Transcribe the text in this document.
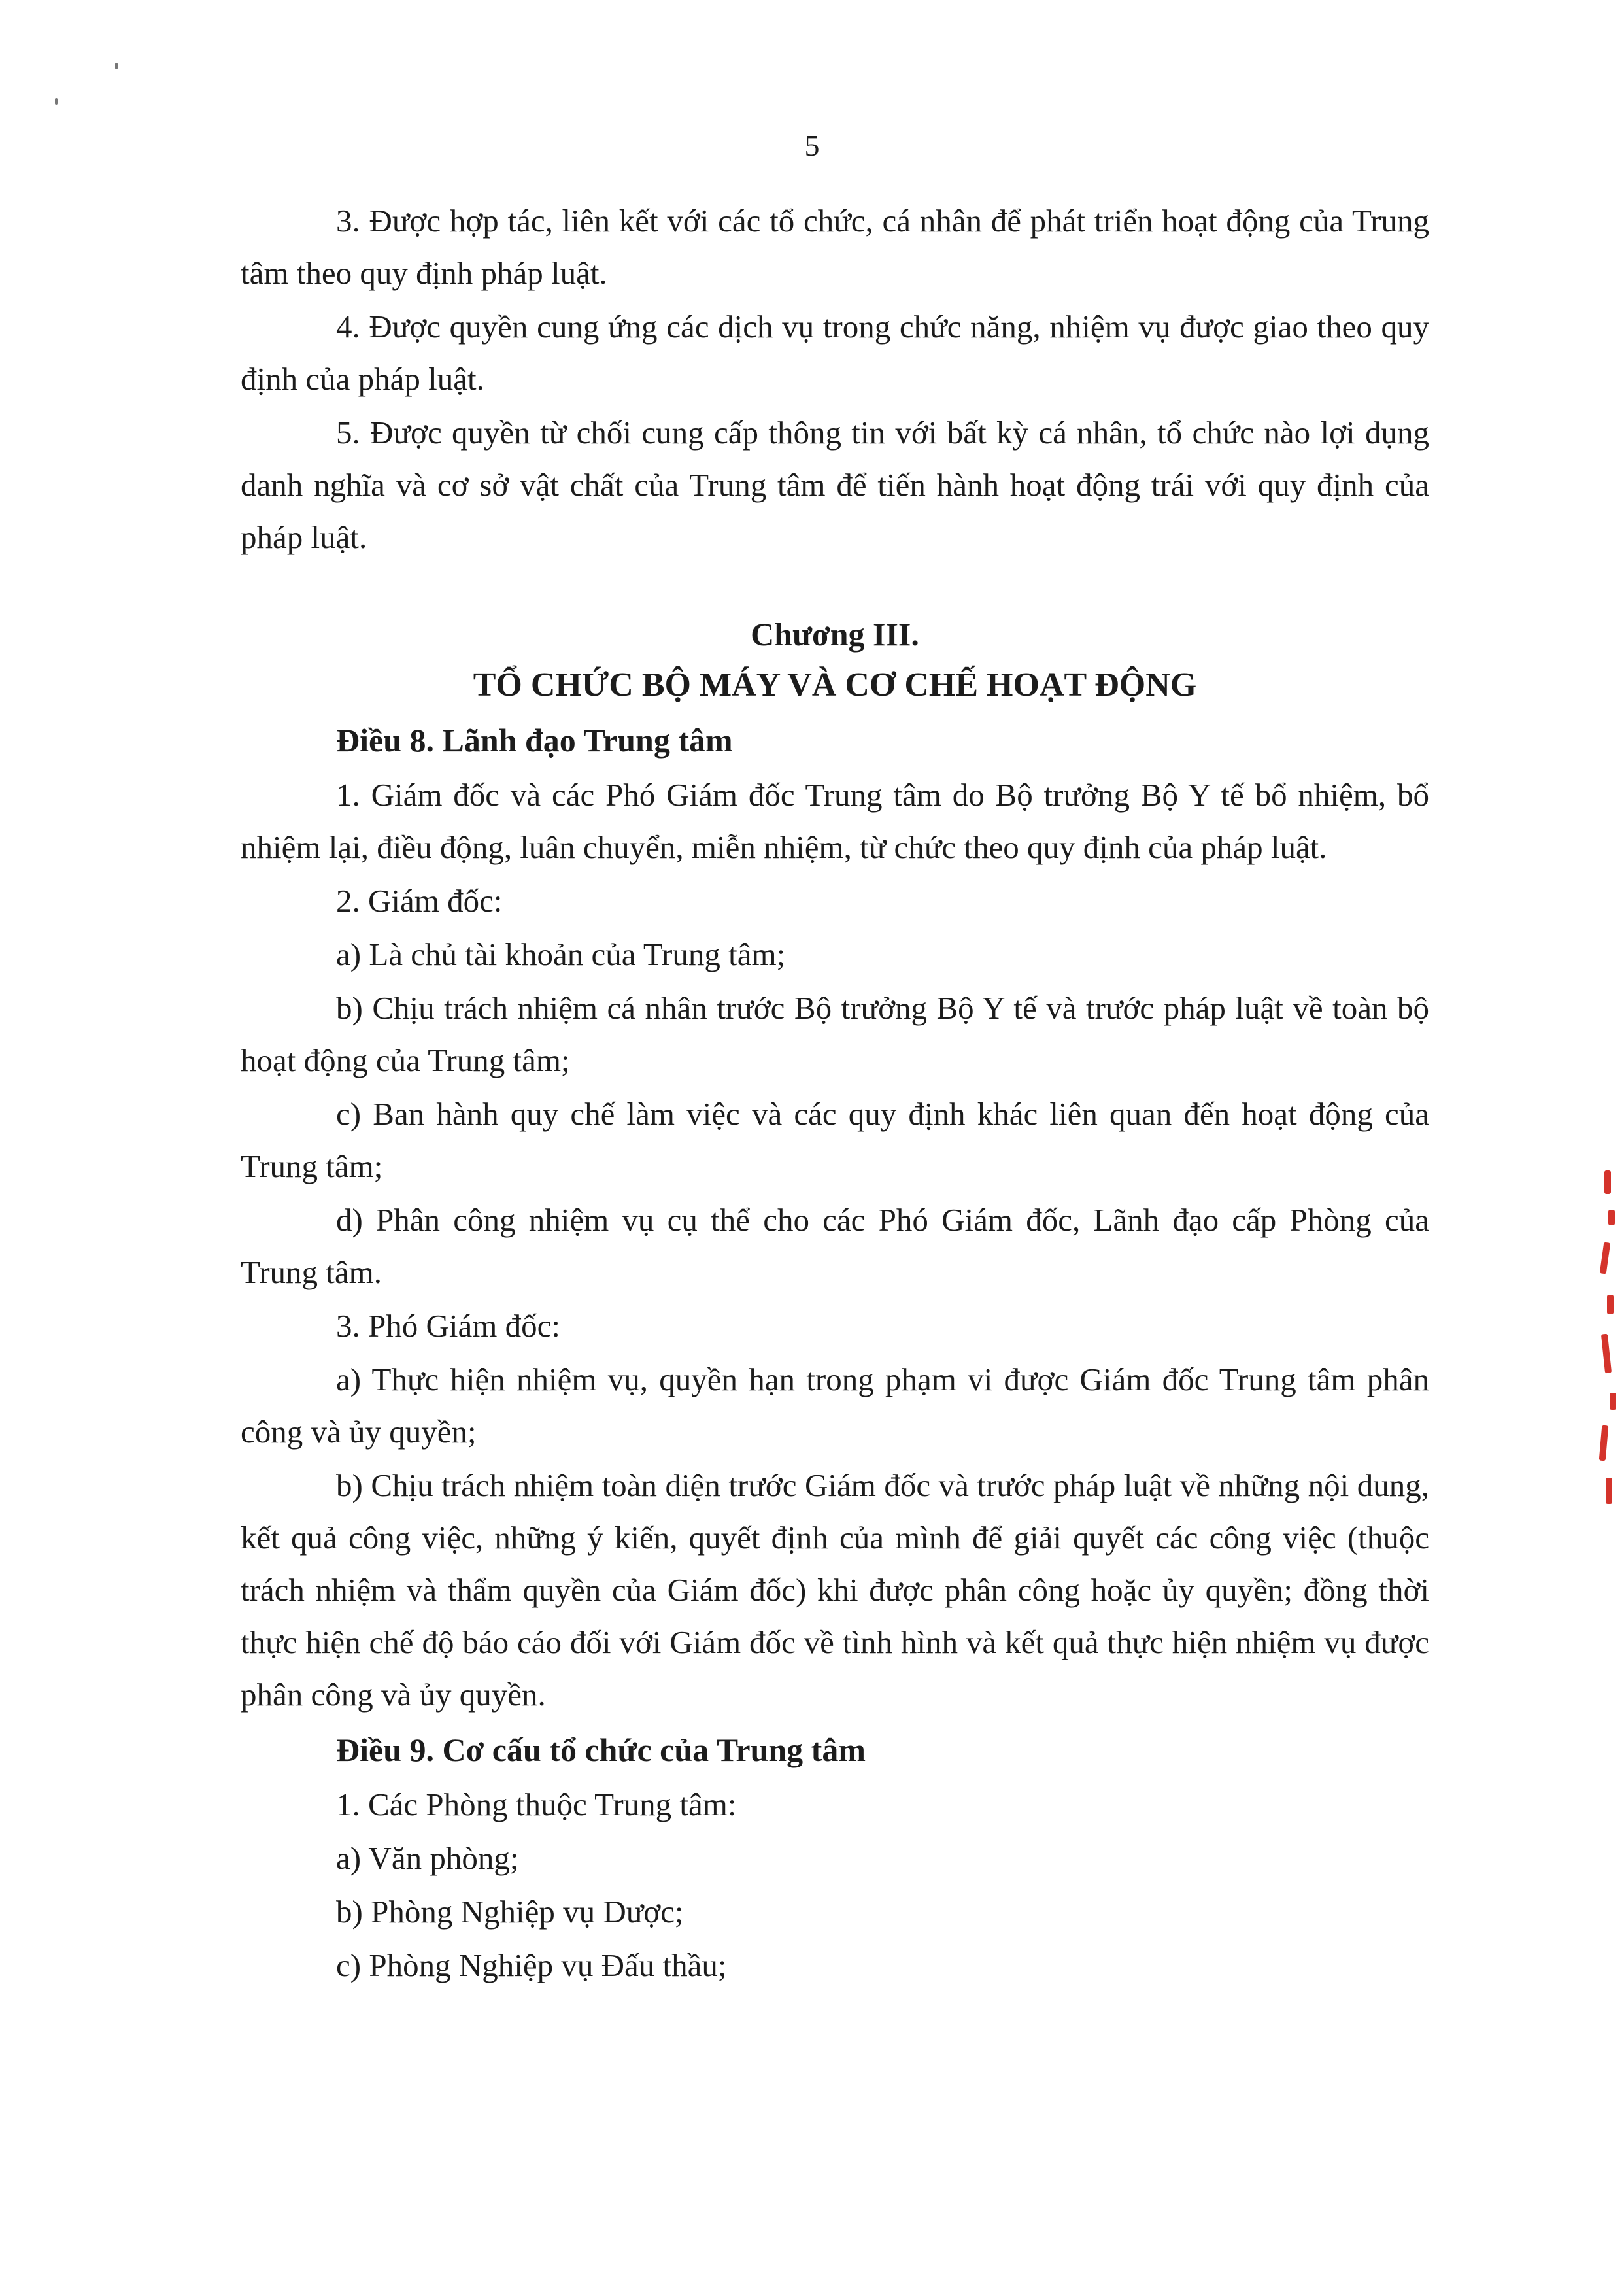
5

3. Được hợp tác, liên kết với các tổ chức, cá nhân để phát triển hoạt động của Trung tâm theo quy định pháp luật.

4. Được quyền cung ứng các dịch vụ trong chức năng, nhiệm vụ được giao theo quy định của pháp luật.

5. Được quyền từ chối cung cấp thông tin với bất kỳ cá nhân, tổ chức nào lợi dụng danh nghĩa và cơ sở vật chất của Trung tâm để tiến hành hoạt động trái với quy định của pháp luật.

Chương III.
TỔ CHỨC BỘ MÁY VÀ CƠ CHẾ HOẠT ĐỘNG

Điều 8. Lãnh đạo Trung tâm

1. Giám đốc và các Phó Giám đốc Trung tâm do Bộ trưởng Bộ Y tế bổ nhiệm, bổ nhiệm lại, điều động, luân chuyển, miễn nhiệm, từ chức theo quy định của pháp luật.

2. Giám đốc:

a) Là chủ tài khoản của Trung tâm;

b) Chịu trách nhiệm cá nhân trước Bộ trưởng Bộ Y tế và trước pháp luật về toàn bộ hoạt động của Trung tâm;

c) Ban hành quy chế làm việc và các quy định khác liên quan đến hoạt động của Trung tâm;

d) Phân công nhiệm vụ cụ thể cho các Phó Giám đốc, Lãnh đạo cấp Phòng của Trung tâm.

3. Phó Giám đốc:

a) Thực hiện nhiệm vụ, quyền hạn trong phạm vi được Giám đốc Trung tâm phân công và ủy quyền;

b) Chịu trách nhiệm toàn diện trước Giám đốc và trước pháp luật về những nội dung, kết quả công việc, những ý kiến, quyết định của mình để giải quyết các công việc (thuộc trách nhiệm và thẩm quyền của Giám đốc) khi được phân công hoặc ủy quyền; đồng thời thực hiện chế độ báo cáo đối với Giám đốc về tình hình và kết quả thực hiện nhiệm vụ được phân công và ủy quyền.

Điều 9. Cơ cấu tổ chức của Trung tâm

1. Các Phòng thuộc Trung tâm:

a) Văn phòng;

b) Phòng Nghiệp vụ Dược;

c) Phòng Nghiệp vụ Đấu thầu;
